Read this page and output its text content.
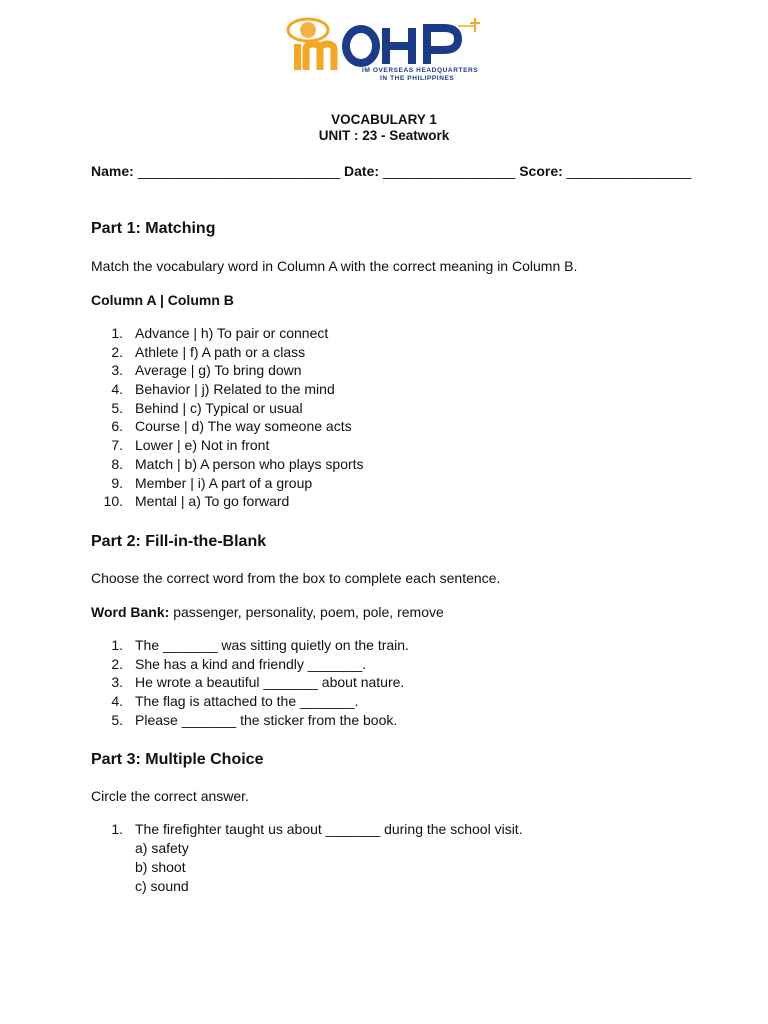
IM OVERSEAS HEADQUARTERS
IN THE PHILIPPINES
VOCABULARY 1
UNIT : 23 - Seatwork
Name: __________________________ Date: _________________ Score: ________________
Part 1: Matching
Match the vocabulary word in Column A with the correct meaning in Column B.
Column A | Column B
1. Advance | h) To pair or connect
2. Athlete | f) A path or a class
3. Average | g) To bring down
4. Behavior | j) Related to the mind
5. Behind | c) Typical or usual
6. Course | d) The way someone acts
7. Lower | e) Not in front
8. Match | b) A person who plays sports
9. Member | i) A part of a group
10. Mental | a) To go forward
Part 2: Fill-in-the-Blank
Choose the correct word from the box to complete each sentence.
Word Bank: passenger, personality, poem, pole, remove
1. The _______ was sitting quietly on the train.
2. She has a kind and friendly _______.
3. He wrote a beautiful _______ about nature.
4. The flag is attached to the _______.
5. Please _______ the sticker from the book.
Part 3: Multiple Choice
Circle the correct answer.
1. The firefighter taught us about _______ during the school visit.
a) safety
b) shoot
c) sound
